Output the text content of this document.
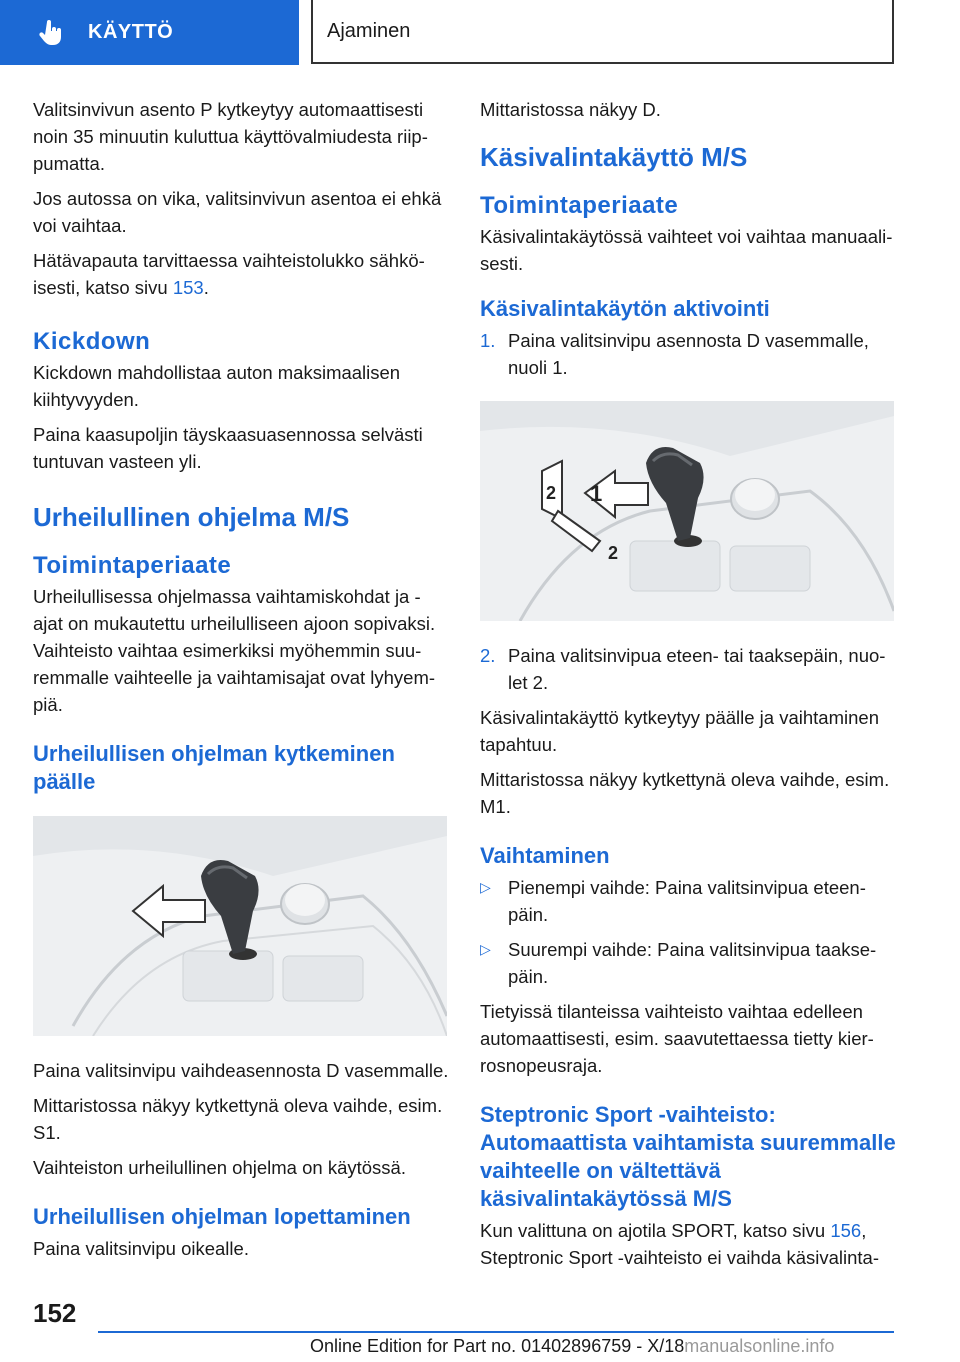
KÄYTTÖ	Ajaminen

Valitsinvivun asento P kytkeytyy automaattisesti noin 35 minuutin kuluttua käyttövalmiudesta riippumatta.

Jos autossa on vika, valitsinvivun asentoa ei ehkä voi vaihtaa.

Hätävapauta tarvittaessa vaihteistolukko sähköisesti, katso sivu 153.

Kickdown

Kickdown mahdollistaa auton maksimaalisen kiihtyvyyden.

Paina kaasupoljin täyskaasuasennossa selvästi tuntuvan vasteen yli.

Urheilullinen ohjelma M/S
Toimintaperiaate

Urheilullisessa ohjelmassa vaihtamiskohdat ja -ajat on mukautettu urheilulliseen ajoon sopivaksi. Vaihteisto vaihtaa esimerkiksi myöhemmin suuremmalle vaihteelle ja vaihtamisajat ovat lyhyempiä.

Urheilullisen ohjelman kytkeminen päälle

Paina valitsinvipu vaihdeasennosta D vasemmalle.

Mittaristossa näkyy kytkettynä oleva vaihde, esim. S1.

Vaihteiston urheilullinen ohjelma on käytössä.

Urheilullisen ohjelman lopettaminen

Paina valitsinvipu oikealle.

Mittaristossa näkyy D.

Käsivalintakäyttö M/S
Toimintaperiaate

Käsivalintakäytössä vaihteet voi vaihtaa manuaalisesti.

Käsivalintakäytön aktivointi
1. Paina valitsinvipu asennosta D vasemmalle, nuoli 1.
1
2
2
2. Paina valitsinvipua eteen- tai taaksepäin, nuolet 2.

Käsivalintakäyttö kytkeytyy päälle ja vaihtaminen tapahtuu.

Mittaristossa näkyy kytkettynä oleva vaihde, esim. M1.

Vaihtaminen
▷ Pienempi vaihde: Paina valitsinvipua eteenpäin.
▷ Suurempi vaihde: Paina valitsinvipua taaksepäin.

Tietyissä tilanteissa vaihteisto vaihtaa edelleen automaattisesti, esim. saavutettaessa tietty kierrosnopeusraja.

Steptronic Sport -vaihteisto: Automaattista vaihtamista suuremmalle vaihteelle on vältettävä käsivalintakäytössä M/S

Kun valittuna on ajotila SPORT, katso sivu 156,

Steptronic Sport -vaihteisto ei vaihda käsivalinta-

152
Online Edition for Part no. 01402896759 - X/18manualsonline.info
